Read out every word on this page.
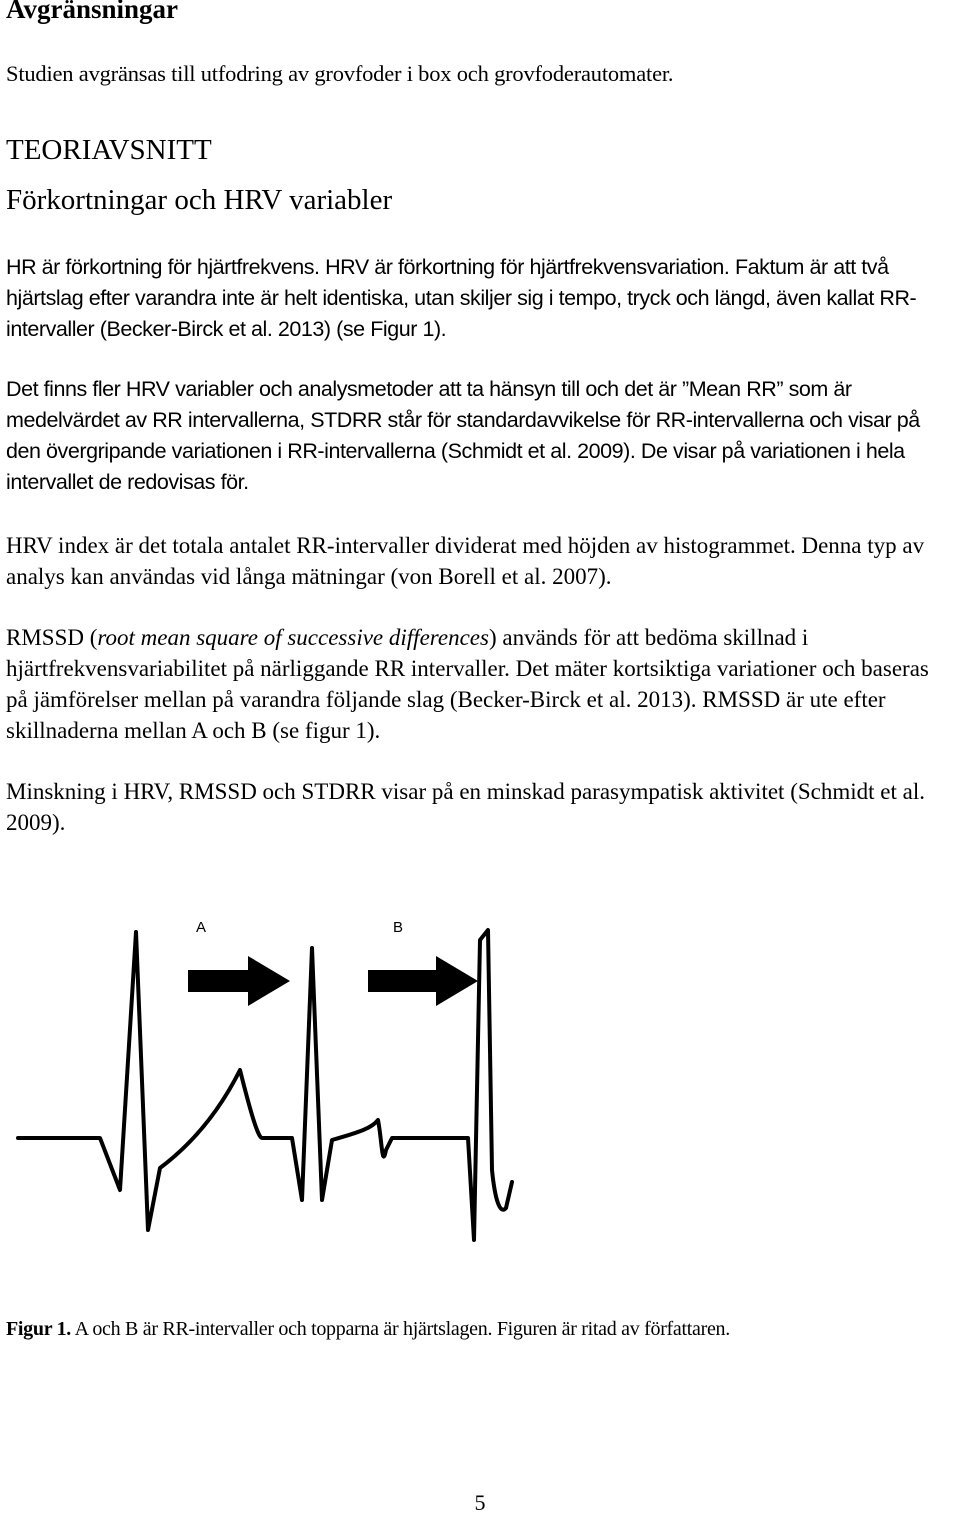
Avgränsningar

Studien avgränsas till utfodring av grovfoder i box och grovfoderautomater.

TEORIAVSNITT
Förkortningar och HRV variabler

HR är förkortning för hjärtfrekvens. HRV är förkortning för hjärtfrekvensvariation. Faktum är att två hjärtslag efter varandra inte är helt identiska, utan skiljer sig i tempo, tryck och längd, även kallat RR-intervaller (Becker-Birck et al. 2013) (se Figur 1).

Det finns fler HRV variabler och analysmetoder att ta hänsyn till och det är ”Mean RR” som är medelvärdet av RR intervallerna, STDRR står för standardavvikelse för RR-intervallerna och visar på den övergripande variationen i RR-intervallerna (Schmidt et al. 2009). De visar på variationen i hela intervallet de redovisas för.

HRV index är det totala antalet RR-intervaller dividerat med höjden av histogrammet. Denna typ av analys kan användas vid långa mätningar (von Borell et al. 2007).

RMSSD (root mean square of successive differences) används för att bedöma skillnad i hjärtfrekvensvariabilitet på närliggande RR intervaller. Det mäter kortsiktiga variationer och baseras på jämförelser mellan på varandra följande slag (Becker-Birck et al. 2013). RMSSD är ute efter skillnaderna mellan A och B (se figur 1).

Minskning i HRV, RMSSD och STDRR visar på en minskad parasympatisk aktivitet (Schmidt et al. 2009).

A	B

Figur 1. A och B är RR-intervaller och topparna är hjärtslagen. Figuren är ritad av författaren.

5
